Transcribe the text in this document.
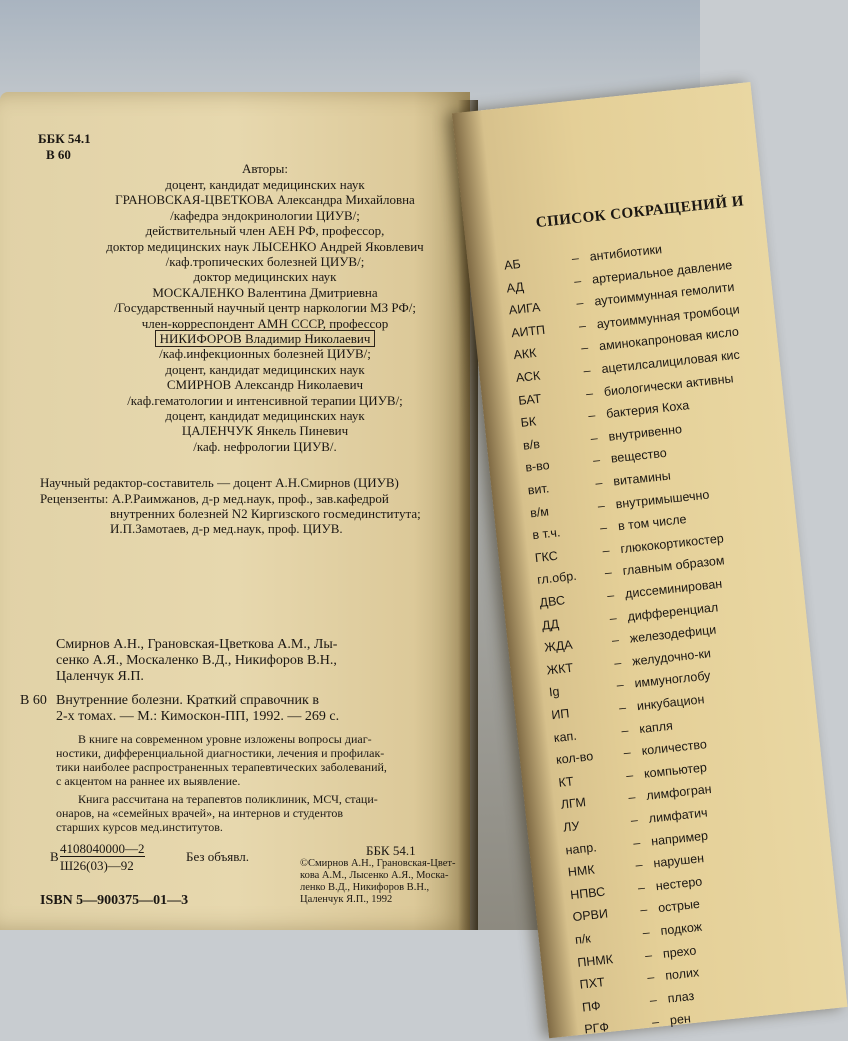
ББК 54.1
В 60
Авторы:
доцент, кандидат медицинских наук
ГРАНОВСКАЯ-ЦВЕТКОВА Александра Михайловна
/кафедра эндокринологии ЦИУВ/;
действительный член АЕН РФ, профессор,
доктор медицинских наук ЛЫСЕНКО Андрей Яковлевич
/каф.тропических болезней ЦИУВ/;
доктор медицинских наук
МОСКАЛЕНКО Валентина Дмитриевна
/Государственный научный центр наркологии МЗ РФ/;
член-корреспондент АМН СССР, профессор
НИКИФОРОВ Владимир Николаевич
/каф.инфекционных болезней ЦИУВ/;
доцент, кандидат медицинских наук
СМИРНОВ Александр Николаевич
/каф.гематологии и интенсивной терапии ЦИУВ/;
доцент, кандидат медицинских наук
ЦАЛЕНЧУК Янкель Пиневич
/каф. нефрологии ЦИУВ/.
Научный редактор-составитель — доцент А.Н.Смирнов (ЦИУВ)
Рецензенты: А.Р.Раимжанов, д-р мед.наук, проф., зав.кафедрой
внутренних болезней N2 Киргизского госмединститута;
И.П.Замотаев, д-р мед.наук, проф. ЦИУВ.
Смирнов А.Н., Грановская-Цветкова А.М., Лы-
сенко А.Я., Москаленко В.Д., Никифоров В.Н.,
Цаленчук Я.П.
В 60 Внутренние болезни. Краткий справочник в
2-х томах. — М.: Кимоскон-ПП, 1992. — 269 с.
В книге на современном уровне изложены вопросы диаг-
ностики, дифференциальной диагностики, лечения и профилак-
тики наиболее распространенных терапевтических заболеваний,
с акцентом на раннее их выявление.
Книга рассчитана на терапевтов поликлиник, МСЧ, стаци-
онаров, на «семейных врачей», на интернов и студентов
старших курсов мед.институтов.
В
4108040000—2
Ш26(03)—92
Без объявл.	ББК 54.1
ISBN 5—900375—01—3
©Смирнов А.Н., Грановская-Цвет-
кова А.М., Лысенко А.Я., Моска-
ленко В.Д., Никифоров В.Н.,
Цаленчук Я.П., 1992
СПИСОК СОКРАЩЕНИЙ И
АБ	– антибиотики
АД	– артериальное давление
АИГА	– аутоиммунная гемолити
АИТП	– аутоиммунная тромбоци
АКК	– аминокапроновая кисло
АСК	– ацетилсалициловая кис
БАТ	– биологически активны
БК	– бактерия Коха
в/в	– внутривенно
в-во	– вещество
вит.	– витамины
в/м	– внутримышечно
в т.ч.	– в том числе
ГКС	– глюкокортикостер
гл.обр. – главным образом
ДВС	– диссеминирован
ДД	– дифференциал
ЖДА	– железодефици
ЖКТ	– желудочно-ки
Ig	– иммуноглобу
ИП	– инкубацион
кап.	– капля
кол-во – количество
КТ	– компьютер
ЛГМ	– лимфогран
ЛУ	– лимфатич
напр.	– например
НМК	– нарушен
НПВС	– нестеро
ОРВИ – острые
п/к	– подкож
ПНМК – прехо
ПХТ	– полих
ПФ	– плаз
РГФ	– рен
